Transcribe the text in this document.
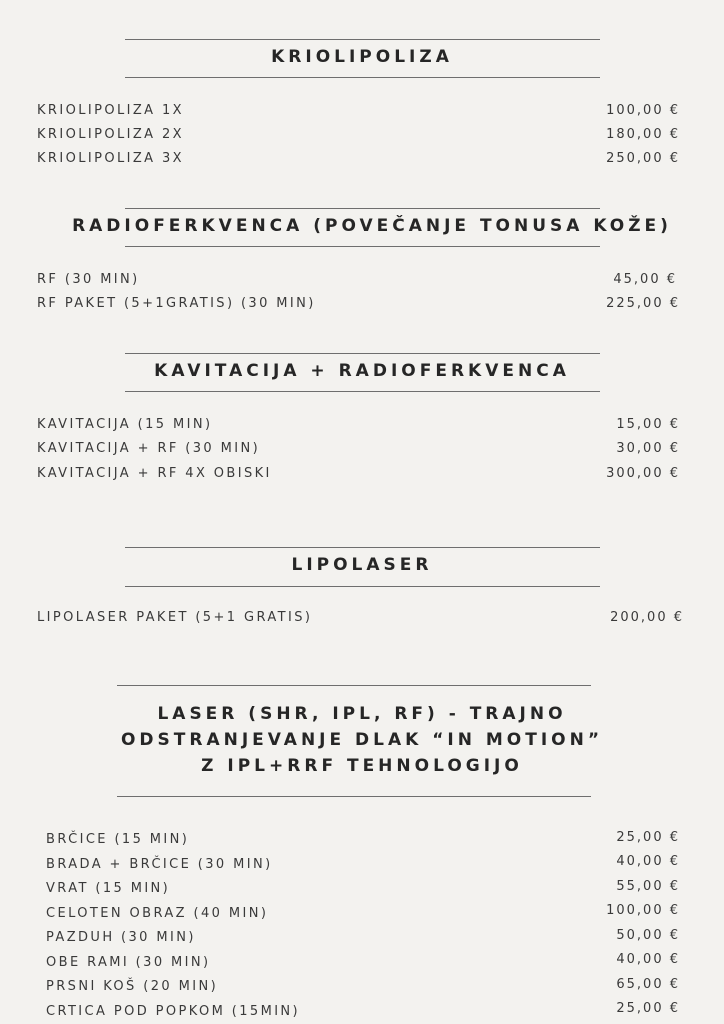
KRIOLIPOLIZA
KRIOLIPOLIZA 1X	100,00 €
KRIOLIPOLIZA 2X	180,00 €
KRIOLIPOLIZA 3X	250,00 €
RADIOFERKVENCA (POVEČANJE TONUSA KOŽE)
RF (30 MIN)	45,00 €
RF PAKET (5+1GRATIS) (30 MIN)	225,00 €
KAVITACIJA + RADIOFERKVENCA
KAVITACIJA (15 MIN)	15,00 €
KAVITACIJA + RF (30 MIN)	30,00 €
KAVITACIJA + RF 4X OBISKI	300,00 €
LIPOLASER
LIPOLASER PAKET (5+1 GRATIS)	200,00 €
LASER (SHR, IPL, RF) - TRAJNO
ODSTRANJEVANJE DLAK “IN MOTION”
Z IPL+RRF TEHNOLOGIJO
BRČICE (15 MIN)	25,00 €
BRADA + BRČICE (30 MIN)	40,00 €
VRAT (15 MIN)	55,00 €
CELOTEN OBRAZ (40 MIN)	100,00 €
PAZDUH (30 MIN)	50,00 €
OBE RAMI (30 MIN)	40,00 €
PRSNI KOŠ (20 MIN)	65,00 €
CRTICA POD POPKOM (15MIN)	25,00 €
